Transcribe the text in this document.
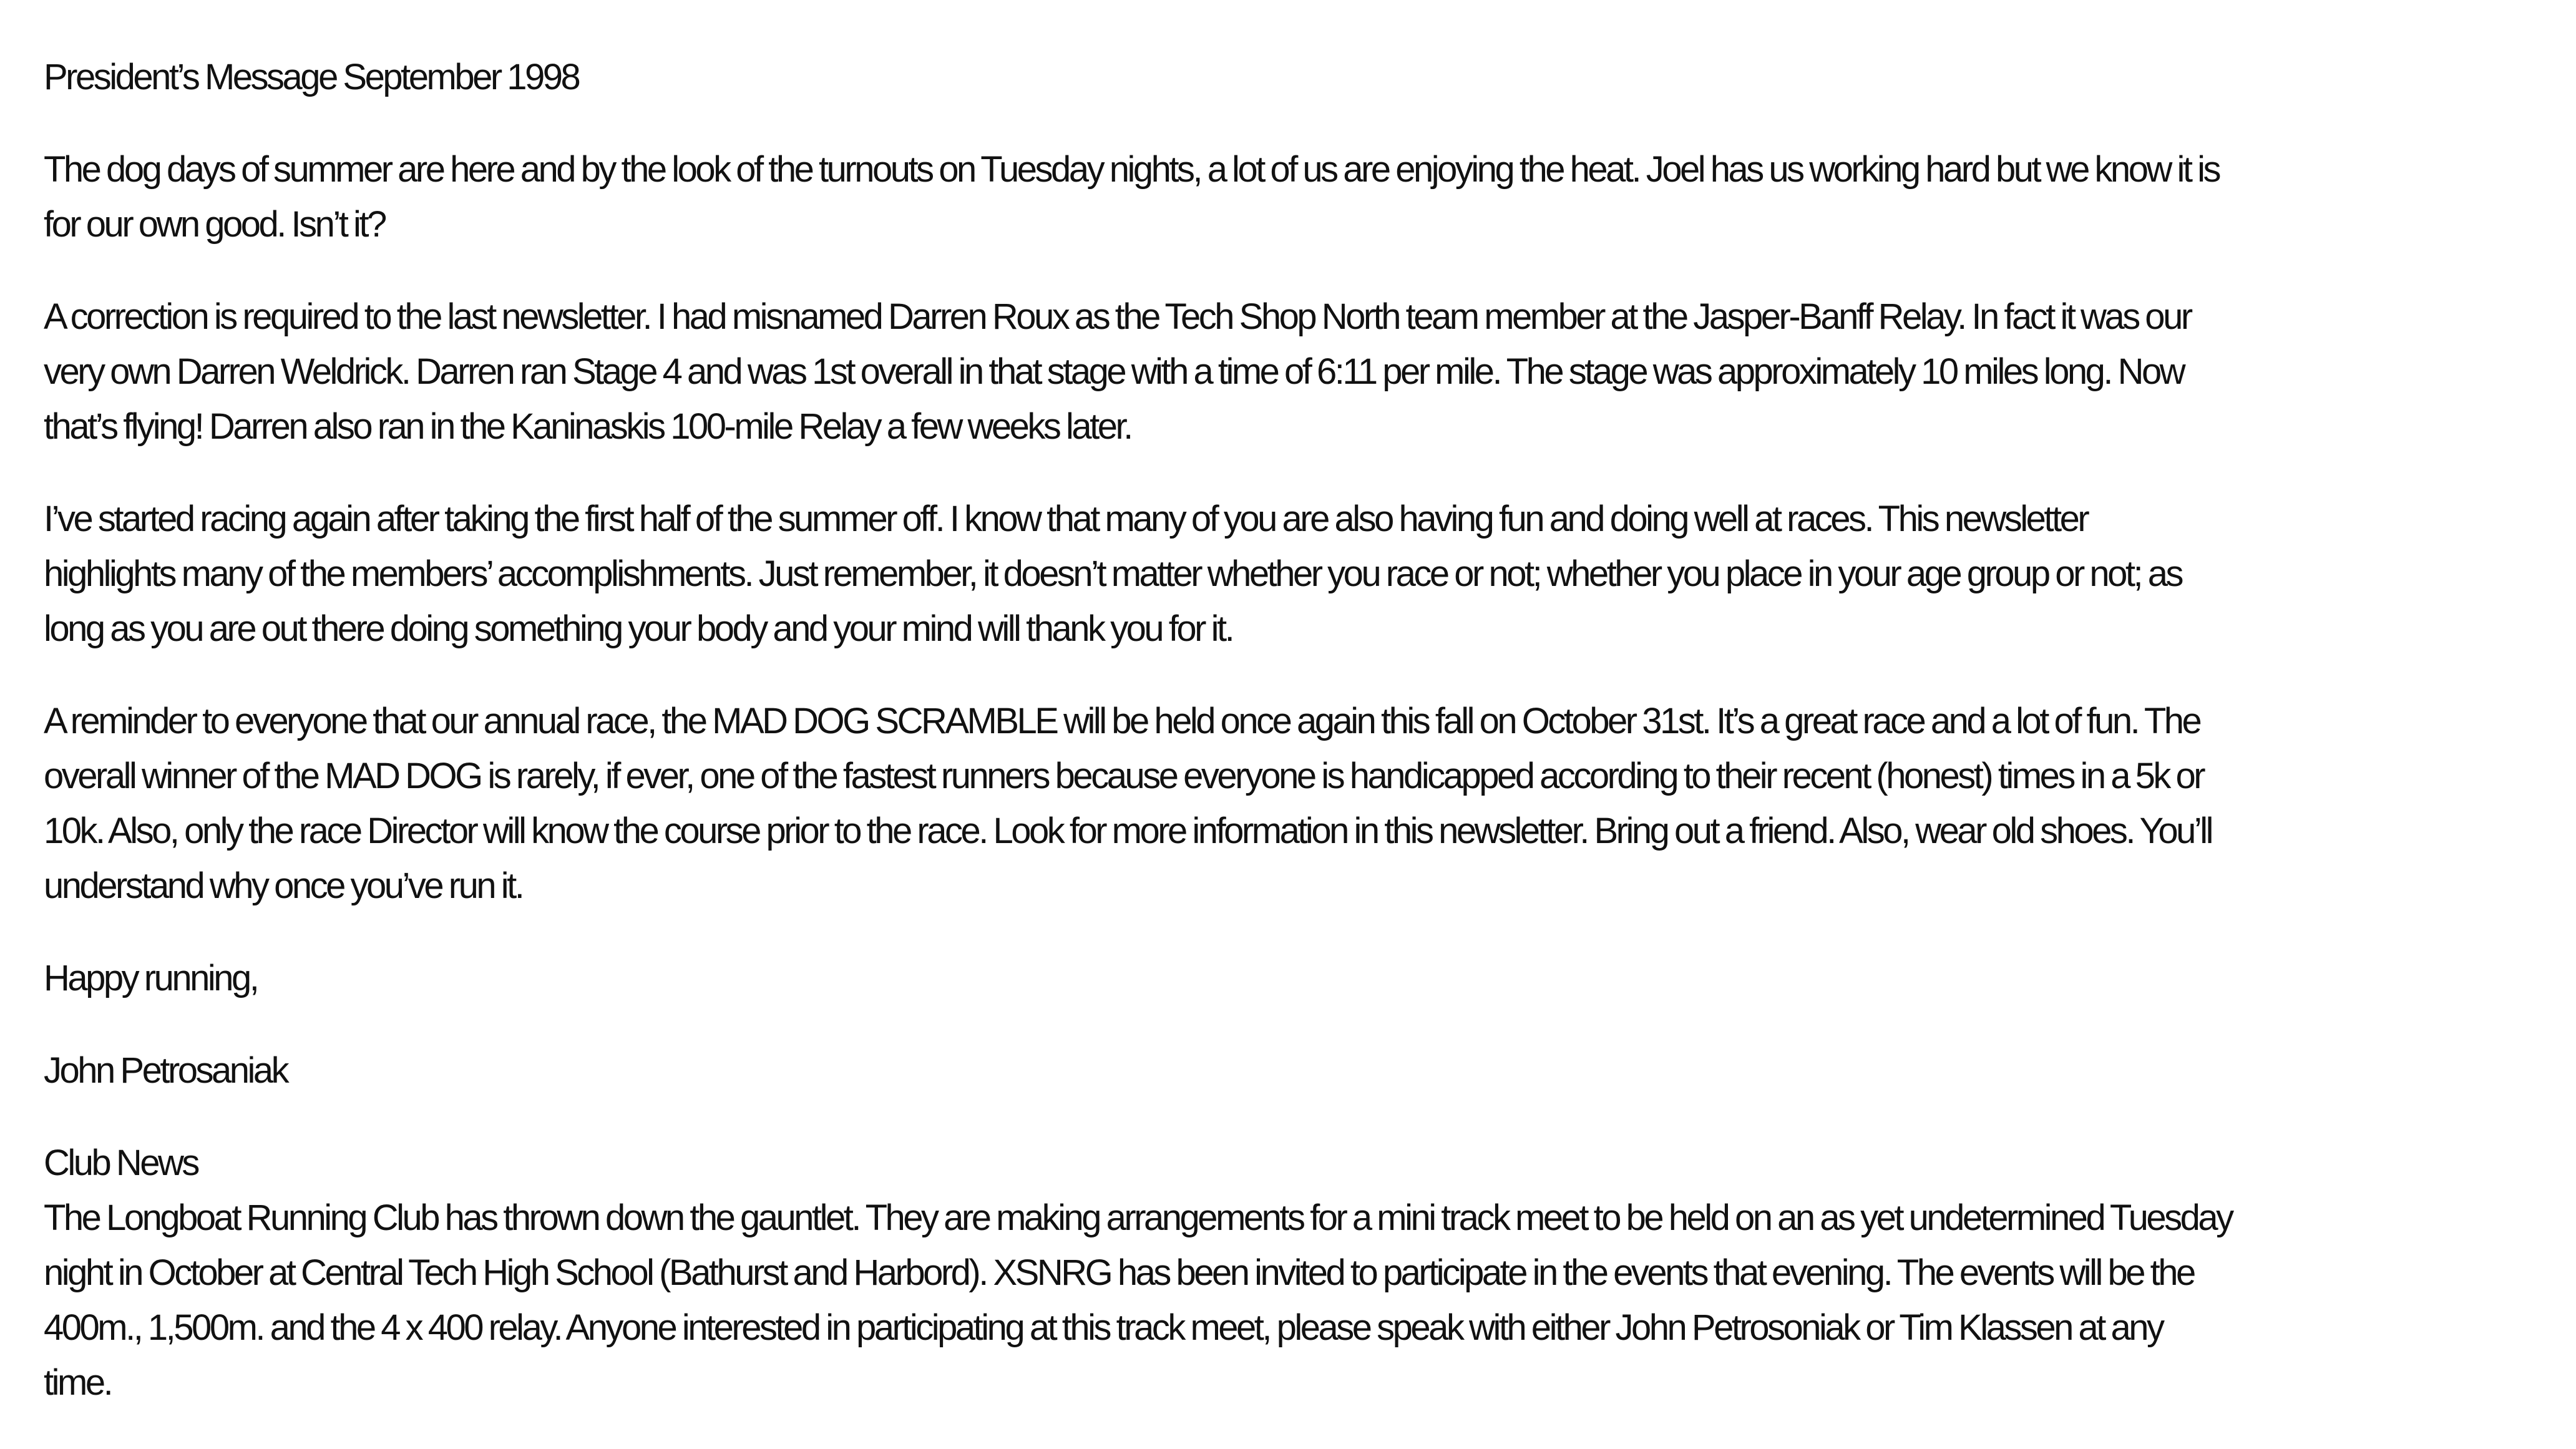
President’s Message September 1998

The dog days of summer are here and by the look of the turnouts on Tuesday nights, a lot of us are enjoying the heat. Joel has us working hard but we know it is
for our own good. Isn’t it?

A correction is required to the last newsletter. I had misnamed Darren Roux as the Tech Shop North team member at the Jasper-Banff Relay. In fact it was our
very own Darren Weldrick. Darren ran Stage 4 and was 1st overall in that stage with a time of 6:11 per mile. The stage was approximately 10 miles long. Now
that’s flying! Darren also ran in the Kaninaskis 100-mile Relay a few weeks later.

I’ve started racing again after taking the first half of the summer off. I know that many of you are also having fun and doing well at races. This newsletter
highlights many of the members’ accomplishments. Just remember, it doesn’t matter whether you race or not; whether you place in your age group or not; as
long as you are out there doing something your body and your mind will thank you for it.

A reminder to everyone that our annual race, the MAD DOG SCRAMBLE will be held once again this fall on October 31st. It’s a great race and a lot of fun. The
overall winner of the MAD DOG is rarely, if ever, one of the fastest runners because everyone is handicapped according to their recent (honest) times in a 5k or
10k. Also, only the race Director will know the course prior to the race. Look for more information in this newsletter. Bring out a friend. Also, wear old shoes. You’ll
understand why once you’ve run it.

Happy running,

John Petrosaniak

Club News
The Longboat Running Club has thrown down the gauntlet. They are making arrangements for a mini track meet to be held on an as yet undetermined Tuesday
night in October at Central Tech High School (Bathurst and Harbord). XSNRG has been invited to participate in the events that evening. The events will be the
400m., 1,500m. and the 4 x 400 relay. Anyone interested in participating at this track meet, please speak with either John Petrosoniak or Tim Klassen at any
time.
